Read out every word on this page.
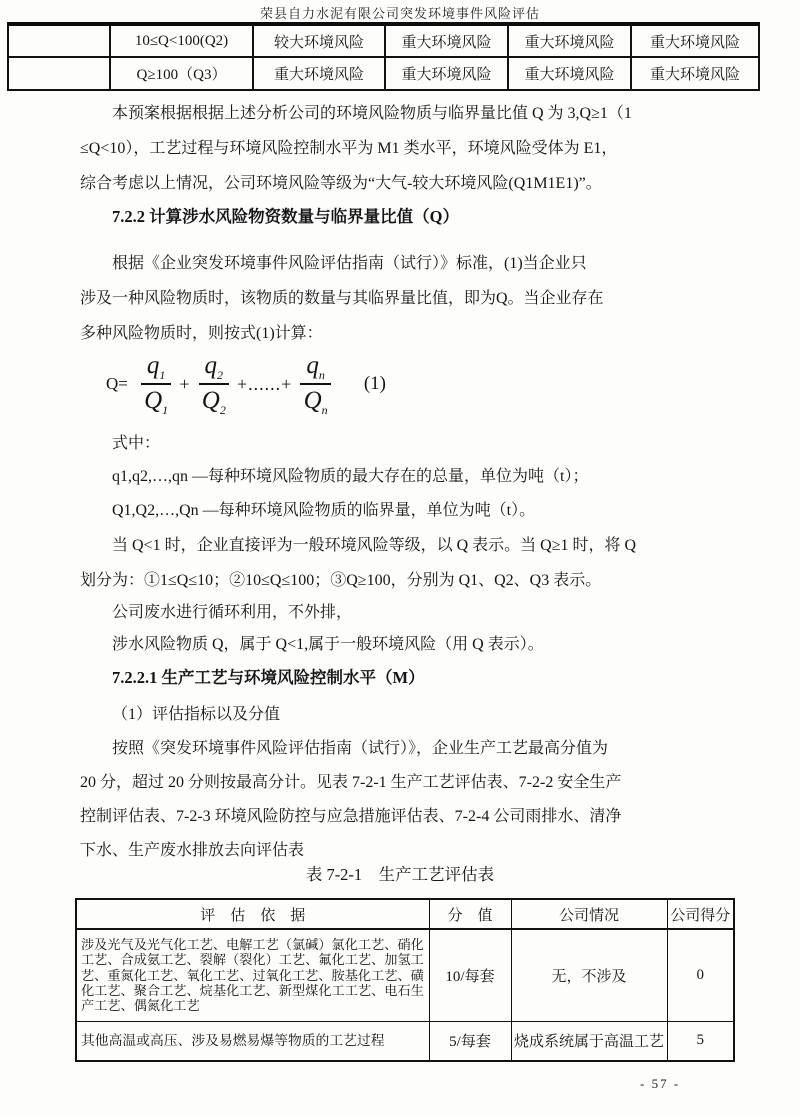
荣县自力水泥有限公司突发环境事件风险评估
	10≤Q<100(Q2)	较大环境风险	重大环境风险	重大环境风险	重大环境风险
	Q≥100（Q3）	重大环境风险	重大环境风险	重大环境风险	重大环境风险
本预案根据根据上述分析公司的环境风险物质与临界量比值 Q 为 3,Q≥1（1
≤Q<10），工艺过程与环境风险控制水平为 M1 类水平，环境风险受体为 E1，
综合考虑以上情况，公司环境风险等级为“大气-较大环境风险(Q1M1E1)”。
7.2.2 计算涉水风险物资数量与临界量比值（Q）
根据《企业突发环境事件风险评估指南（试行）》标准，(1)当企业只
涉及一种风险物质时，该物质的数量与其临界量比值，即为Q。当企业存在
多种风险物质时，则按式(1)计算：
$Q= \frac{q_1}{Q_1} + \frac{q_2}{Q_2}$ +......+ $\frac{q_n}{Q_n} (1)$
式中：
q1,q2,…,qn —每种环境风险物质的最大存在的总量，单位为吨（t）；
Q1,Q2,…,Qn —每种环境风险物质的临界量，单位为吨（t）。
当 Q<1 时，企业直接评为一般环境风险等级，以 Q 表示。当 Q≥1 时，将 Q
划分为：①1≤Q≤10；②10≤Q≤100；③Q≥100，分别为 Q1、Q2、Q3 表示。
公司废水进行循环利用，不外排，
涉水风险物质 Q，属于 Q<1,属于一般环境风险（用 Q 表示）。
7.2.2.1 生产工艺与环境风险控制水平（M）
（1）评估指标以及分值
按照《突发环境事件风险评估指南（试行）》，企业生产工艺最高分值为
20 分，超过 20 分则按最高分计。见表 7-2-1 生产工艺评估表、7-2-2 安全生产
控制评估表、7-2-3 环境风险防控与应急措施评估表、7-2-4 公司雨排水、清净
下水、生产废水排放去向评估表
表 7-2-1　生产工艺评估表
评　估　依　据	分　值	公司情况	公司得分
涉及光气及光气化工艺、电解工艺（氯碱）氯化工艺、硝化工艺、合成氨工艺、裂解（裂化）工艺、氟化工艺、加氢工艺、重氮化工艺、氧化工艺、过氧化工艺、胺基化工艺、磺化工艺、聚合工艺、烷基化工艺、新型煤化工工艺、电石生产工艺、偶氮化工艺	10/每套	无，不涉及	0
其他高温或高压、涉及易燃易爆等物质的工艺过程	5/每套	烧成系统属于高温工艺	5
- 57 -
